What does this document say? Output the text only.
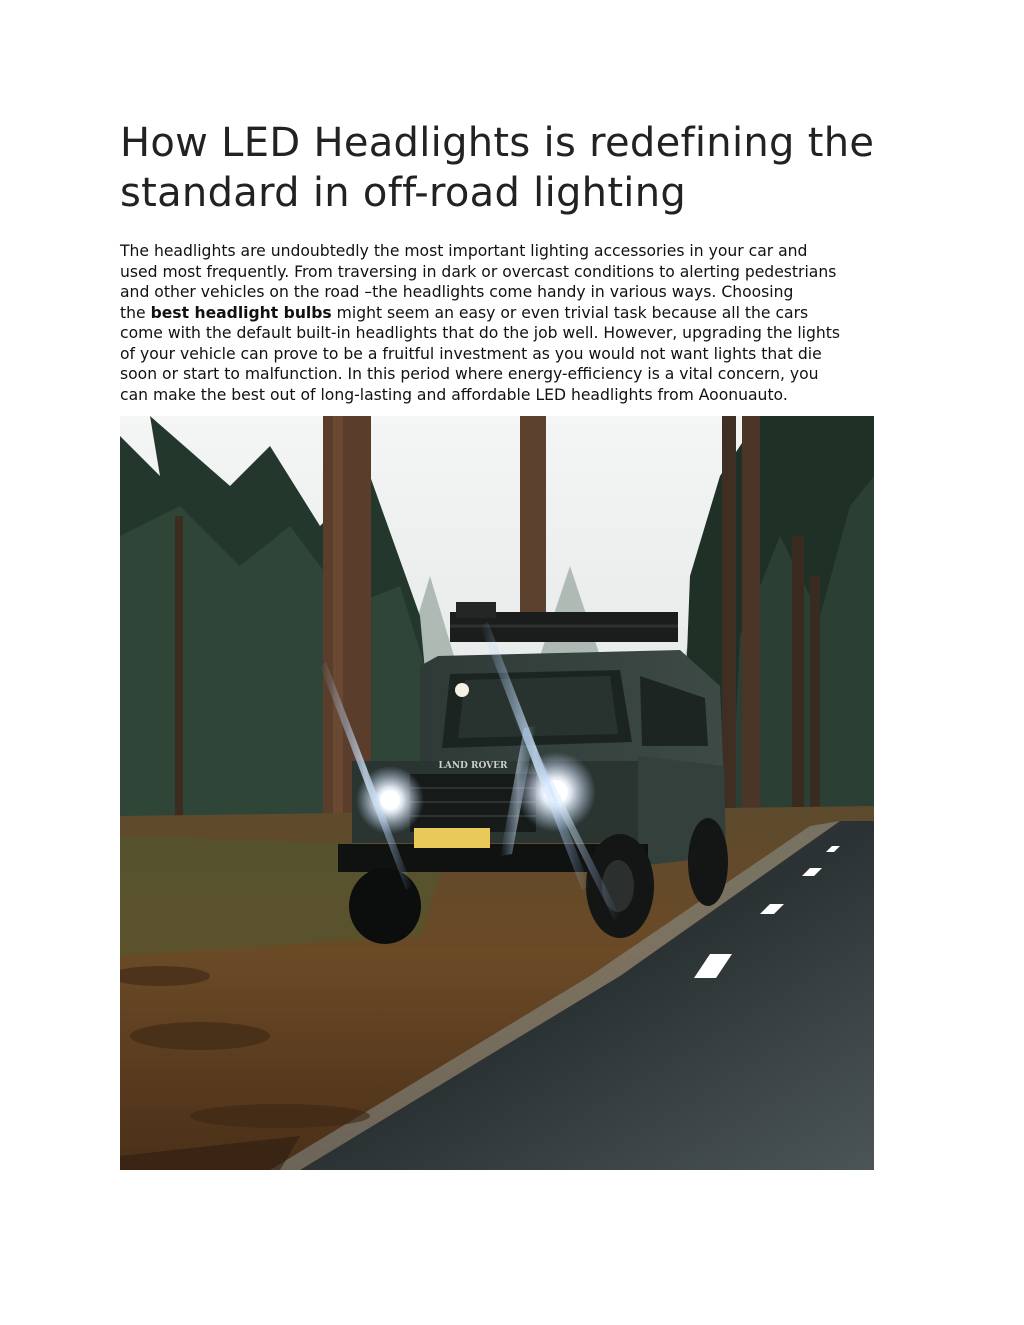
How LED Headlights is redefining the
standard in off-road lighting

The headlights are undoubtedly the most important lighting accessories in your car and
used most frequently. From traversing in dark or overcast conditions to alerting pedestrians
and other vehicles on the road –the headlights come handy in various ways. Choosing
the best headlight bulbs might seem an easy or even trivial task because all the cars
come with the default built-in headlights that do the job well. However, upgrading the lights
of your vehicle can prove to be a fruitful investment as you would not want lights that die
soon or start to malfunction. In this period where energy-efficiency is a vital concern, you
can make the best out of long-lasting and affordable LED headlights from Aoonuauto.

LAND ROVER
